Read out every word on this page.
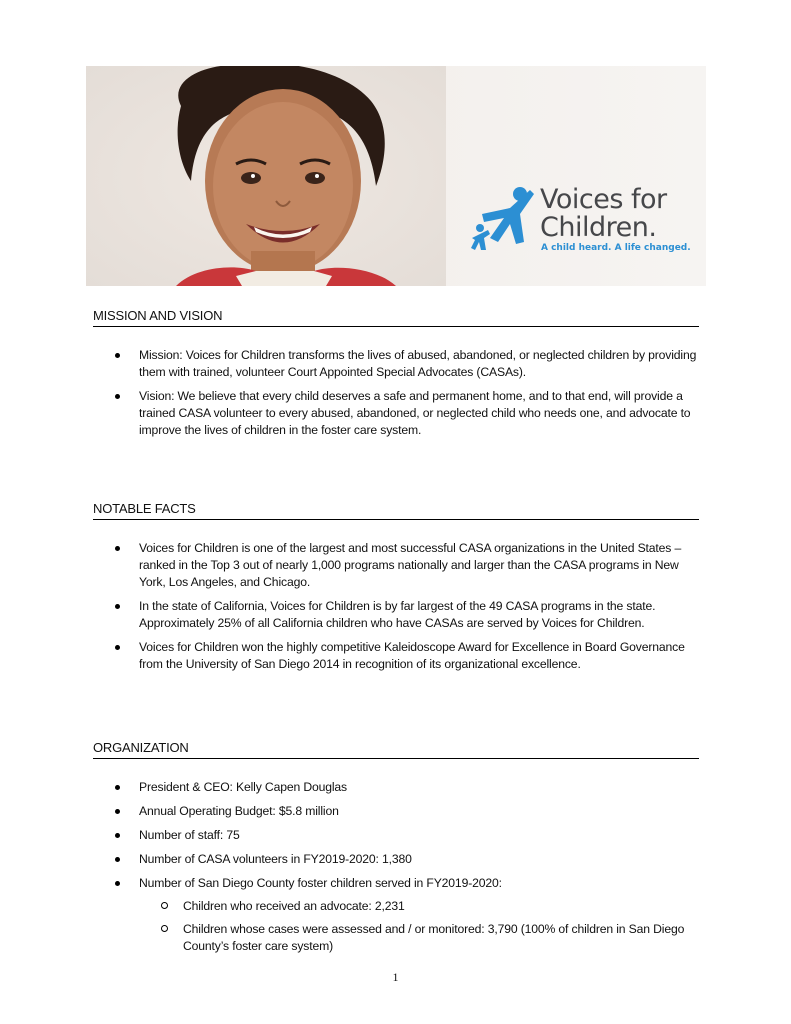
Voices for
Children.
A child heard. A life changed.
MISSION AND VISION
Mission: Voices for Children transforms the lives of abused, abandoned, or neglected children by providing them with trained, volunteer Court Appointed Special Advocates (CASAs).
Vision: We believe that every child deserves a safe and permanent home, and to that end, will provide a trained CASA volunteer to every abused, abandoned, or neglected child who needs one, and advocate to improve the lives of children in the foster care system.
NOTABLE FACTS
Voices for Children is one of the largest and most successful CASA organizations in the United States – ranked in the Top 3 out of nearly 1,000 programs nationally and larger than the CASA programs in New York, Los Angeles, and Chicago.
In the state of California, Voices for Children is by far largest of the 49 CASA programs in the state. Approximately 25% of all California children who have CASAs are served by Voices for Children.
Voices for Children won the highly competitive Kaleidoscope Award for Excellence in Board Governance from the University of San Diego 2014 in recognition of its organizational excellence.
ORGANIZATION
President & CEO: Kelly Capen Douglas
Annual Operating Budget: $5.8 million
Number of staff: 75
Number of CASA volunteers in FY2019-2020: 1,380
Number of San Diego County foster children served in FY2019-2020:
Children who received an advocate: 2,231
Children whose cases were assessed and / or monitored: 3,790 (100% of children in San Diego County’s foster care system)
1
